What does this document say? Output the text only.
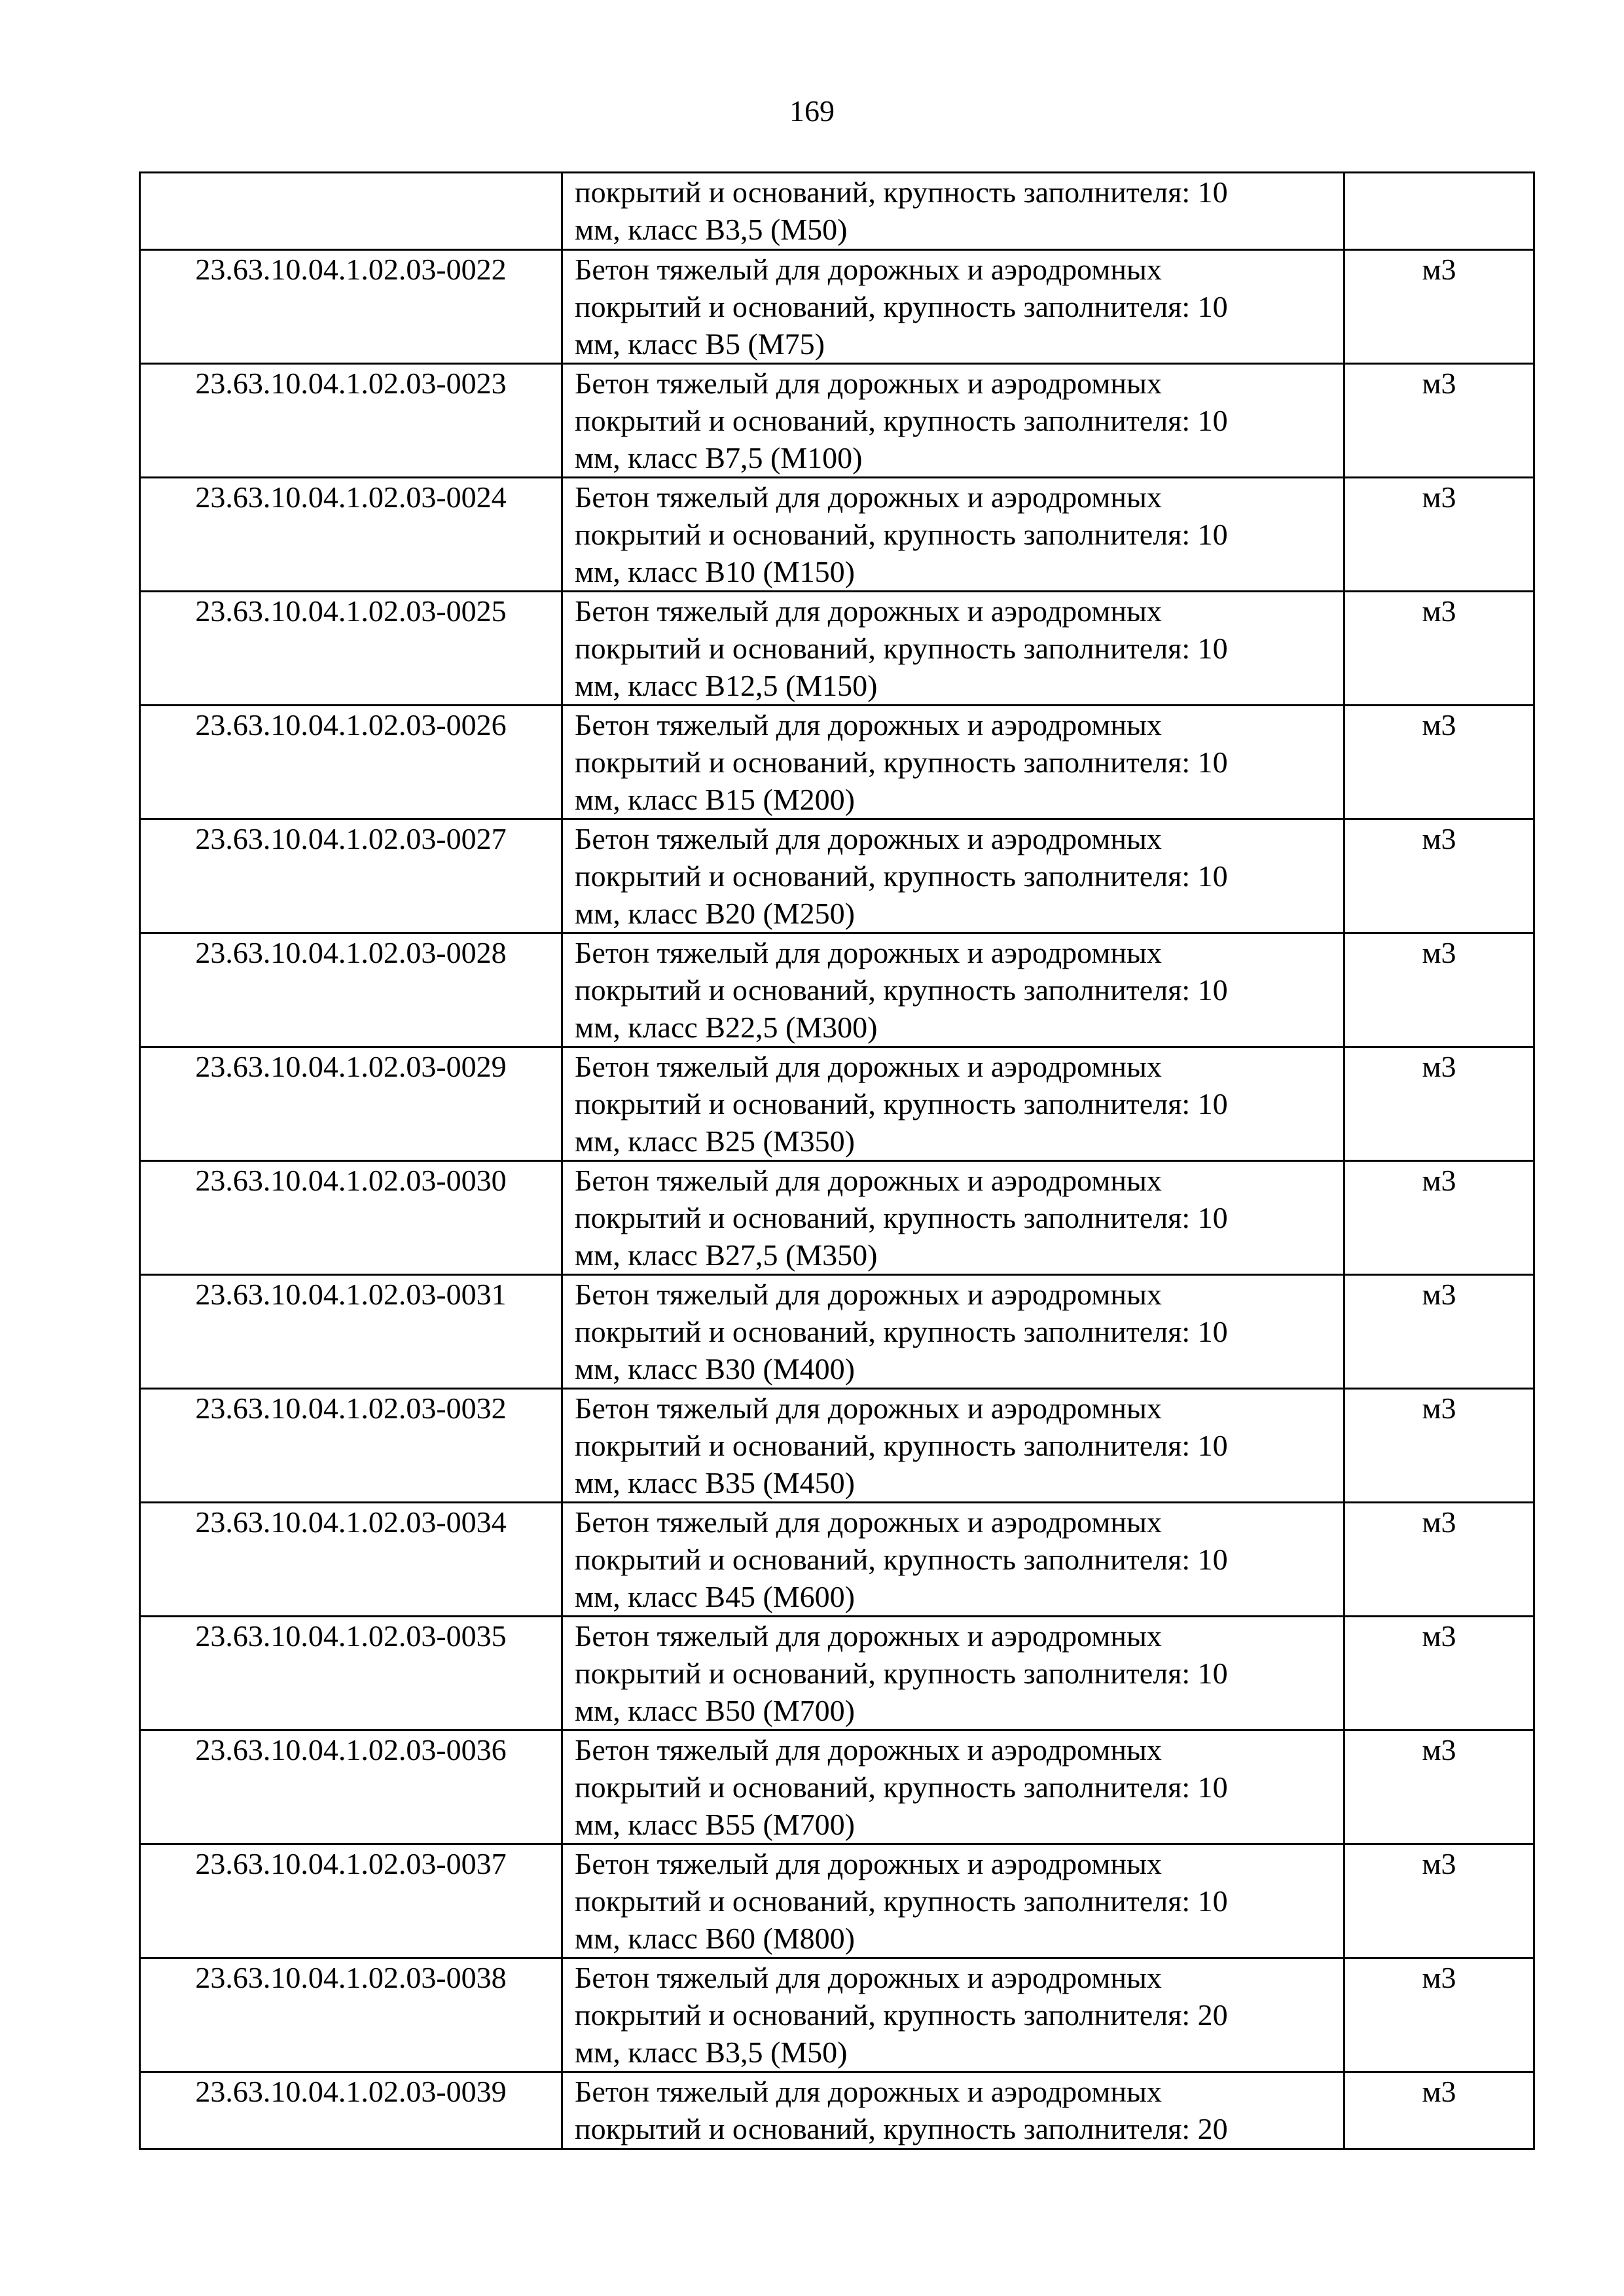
169

	покрытий и оснований, крупность заполнителя: 10
мм, класс В3,5 (М50)	

23.63.10.04.1.02.03-0022	Бетон тяжелый для дорожных и аэродромных
покрытий и оснований, крупность заполнителя: 10
мм, класс В5 (М75)	м3
23.63.10.04.1.02.03-0023	Бетон тяжелый для дорожных и аэродромных
покрытий и оснований, крупность заполнителя: 10
мм, класс В7,5 (М100)	м3
23.63.10.04.1.02.03-0024	Бетон тяжелый для дорожных и аэродромных
покрытий и оснований, крупность заполнителя: 10
мм, класс В10 (М150)	м3
23.63.10.04.1.02.03-0025	Бетон тяжелый для дорожных и аэродромных
покрытий и оснований, крупность заполнителя: 10
мм, класс В12,5 (М150)	м3
23.63.10.04.1.02.03-0026	Бетон тяжелый для дорожных и аэродромных
покрытий и оснований, крупность заполнителя: 10
мм, класс В15 (М200)	м3
23.63.10.04.1.02.03-0027	Бетон тяжелый для дорожных и аэродромных
покрытий и оснований, крупность заполнителя: 10
мм, класс В20 (М250)	м3
23.63.10.04.1.02.03-0028	Бетон тяжелый для дорожных и аэродромных
покрытий и оснований, крупность заполнителя: 10
мм, класс В22,5 (М300)	м3
23.63.10.04.1.02.03-0029	Бетон тяжелый для дорожных и аэродромных
покрытий и оснований, крупность заполнителя: 10
мм, класс В25 (М350)	м3
23.63.10.04.1.02.03-0030	Бетон тяжелый для дорожных и аэродромных
покрытий и оснований, крупность заполнителя: 10
мм, класс В27,5 (М350)	м3
23.63.10.04.1.02.03-0031	Бетон тяжелый для дорожных и аэродромных
покрытий и оснований, крупность заполнителя: 10
мм, класс В30 (М400)	м3
23.63.10.04.1.02.03-0032	Бетон тяжелый для дорожных и аэродромных
покрытий и оснований, крупность заполнителя: 10
мм, класс В35 (М450)	м3
23.63.10.04.1.02.03-0034	Бетон тяжелый для дорожных и аэродромных
покрытий и оснований, крупность заполнителя: 10
мм, класс В45 (М600)	м3
23.63.10.04.1.02.03-0035	Бетон тяжелый для дорожных и аэродромных
покрытий и оснований, крупность заполнителя: 10
мм, класс В50 (М700)	м3
23.63.10.04.1.02.03-0036	Бетон тяжелый для дорожных и аэродромных
покрытий и оснований, крупность заполнителя: 10
мм, класс В55 (М700)	м3
23.63.10.04.1.02.03-0037	Бетон тяжелый для дорожных и аэродромных
покрытий и оснований, крупность заполнителя: 10
мм, класс В60 (М800)	м3
23.63.10.04.1.02.03-0038	Бетон тяжелый для дорожных и аэродромных
покрытий и оснований, крупность заполнителя: 20
мм, класс В3,5 (М50)	м3
23.63.10.04.1.02.03-0039	Бетон тяжелый для дорожных и аэродромных
покрытий и оснований, крупность заполнителя: 20	м3
